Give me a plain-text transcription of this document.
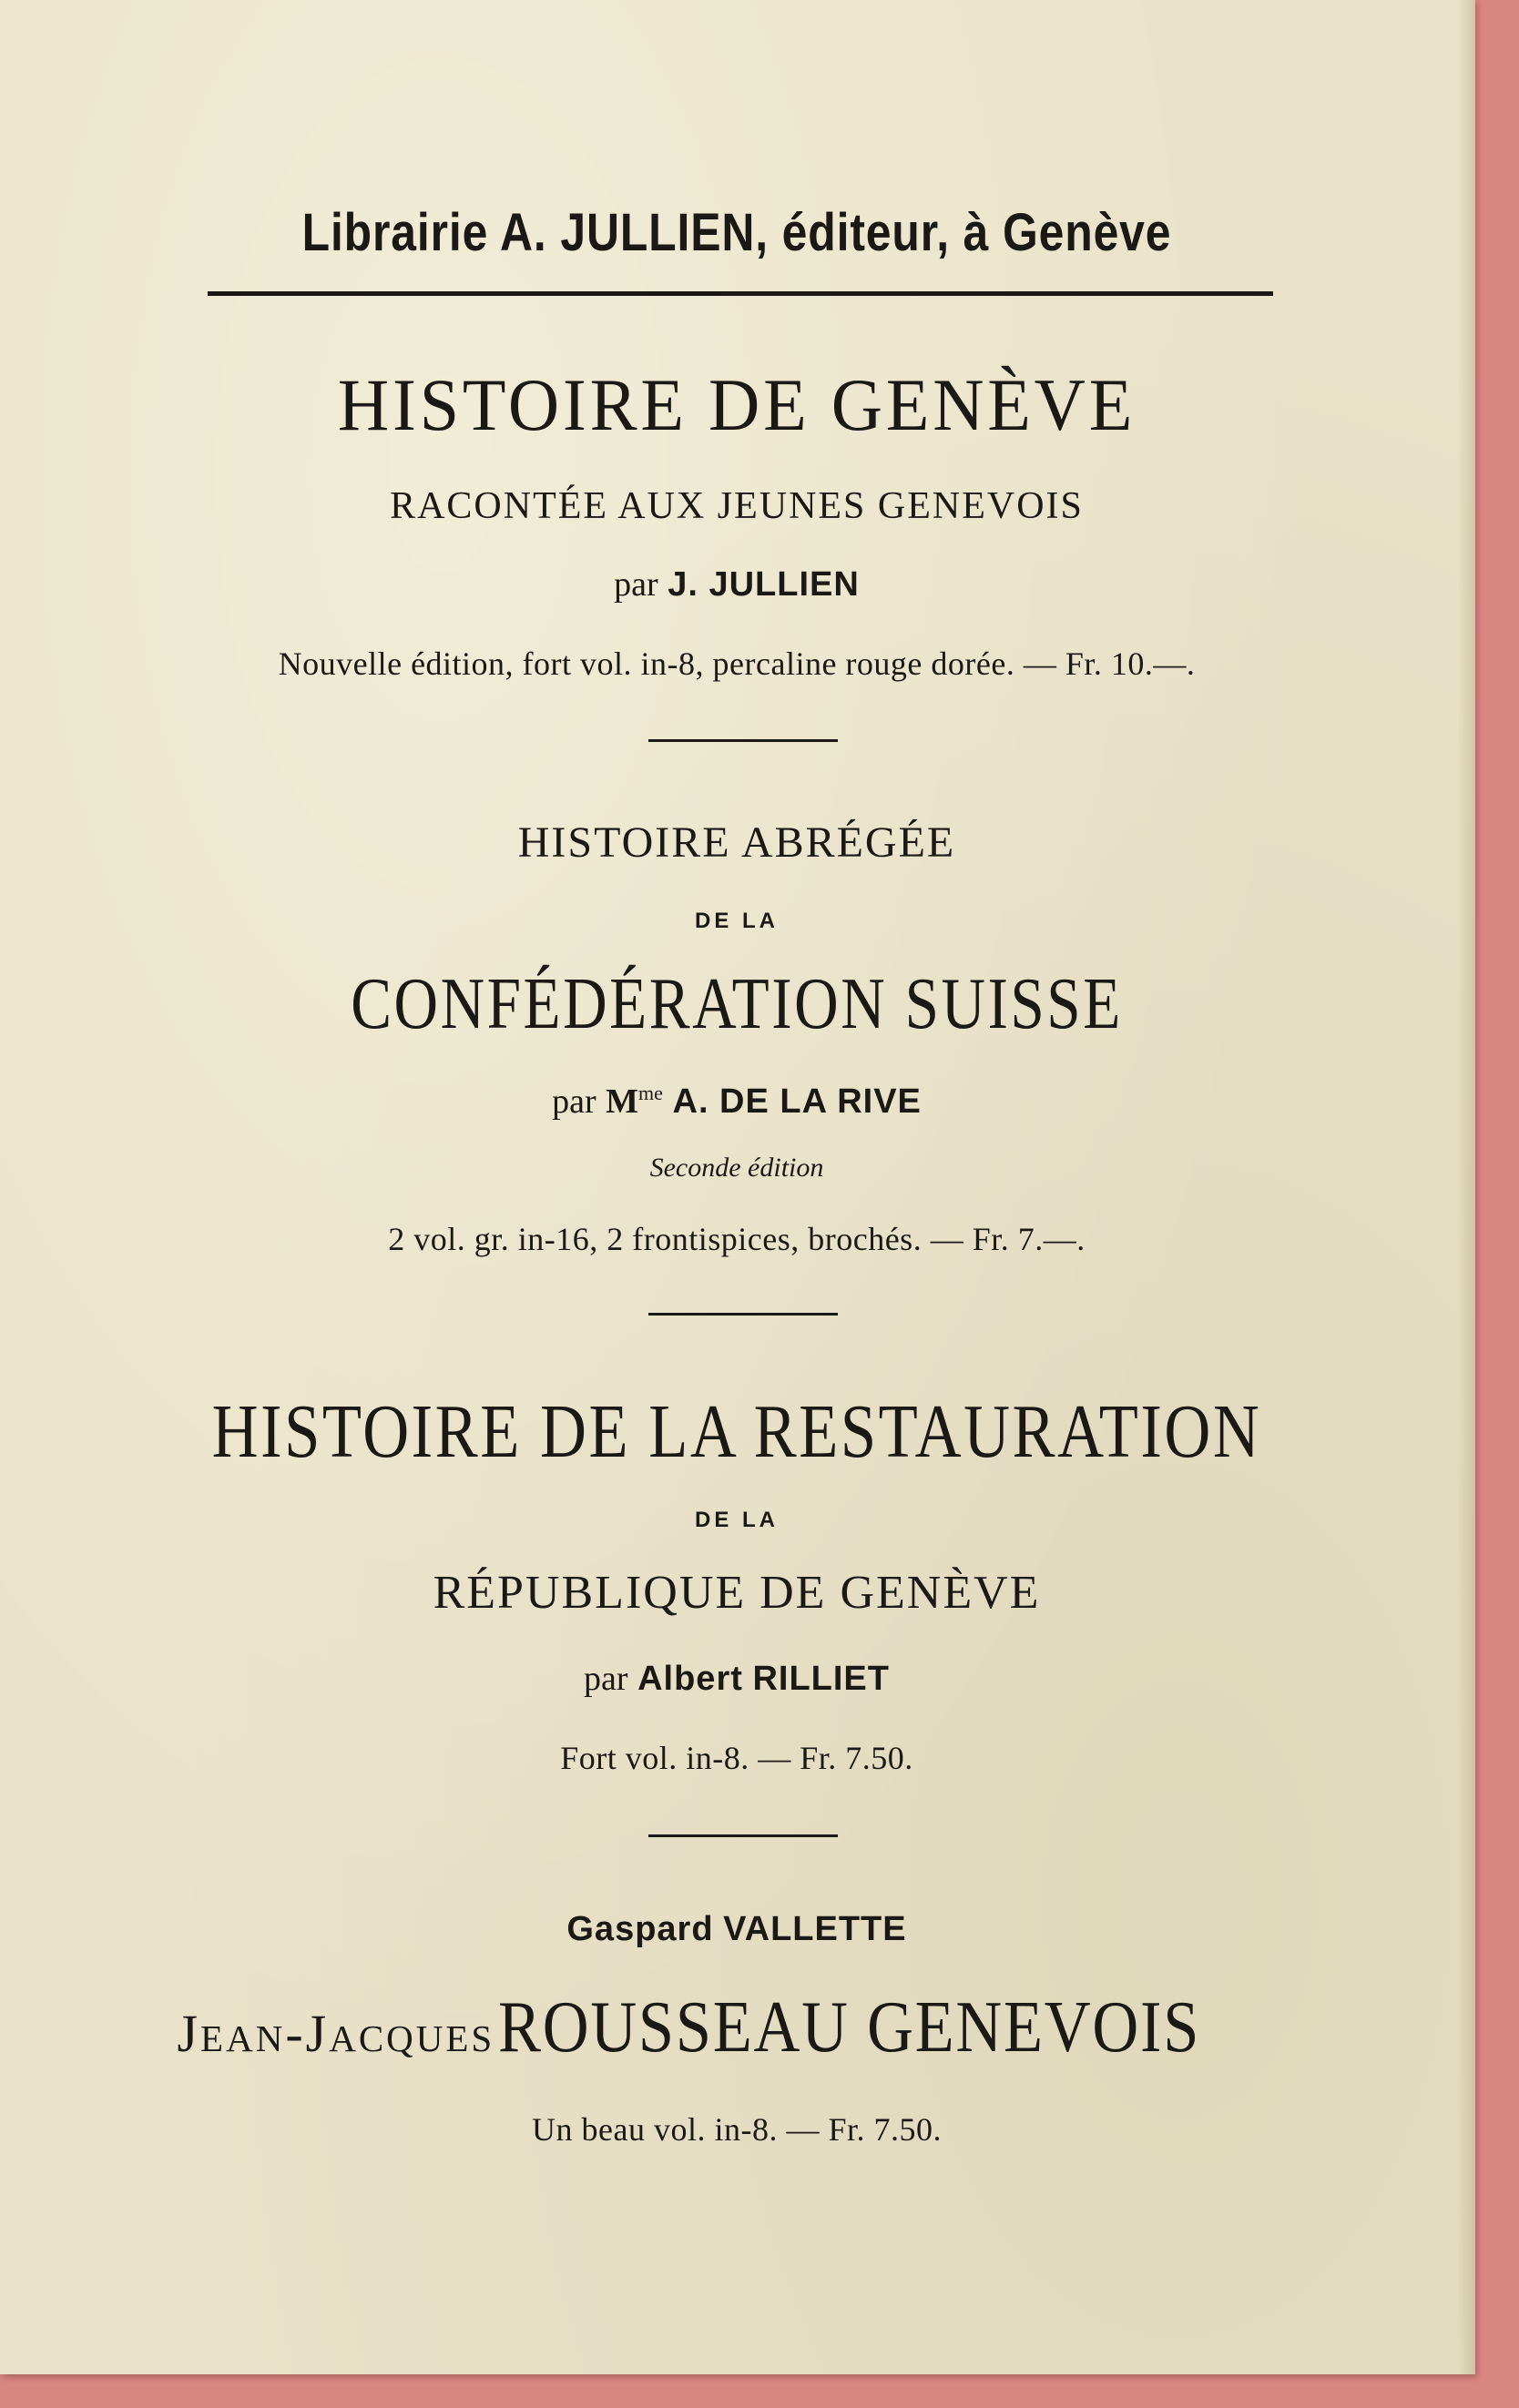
Librairie A. JULLIEN, éditeur, à Genève
HISTOIRE DE GENÈVE
RACONTÉE AUX JEUNES GENEVOIS
par J. JULLIEN
Nouvelle édition, fort vol. in-8, percaline rouge dorée. — Fr. 10.—.
HISTOIRE ABRÉGÉE
DE LA
CONFÉDÉRATION SUISSE
par $M^{me}$ A. DE LA RIVE
Seconde édition
2 vol. gr. in-16, 2 frontispices, brochés. — Fr. 7.—.
HISTOIRE DE LA RESTAURATION
DE LA
RÉPUBLIQUE DE GENÈVE
par Albert RILLIET
Fort vol. in-8. — Fr. 7.50.
Gaspard VALLETTE
Jean-Jacques ROUSSEAU GENEVOIS
Un beau vol. in-8. — Fr. 7.50.
